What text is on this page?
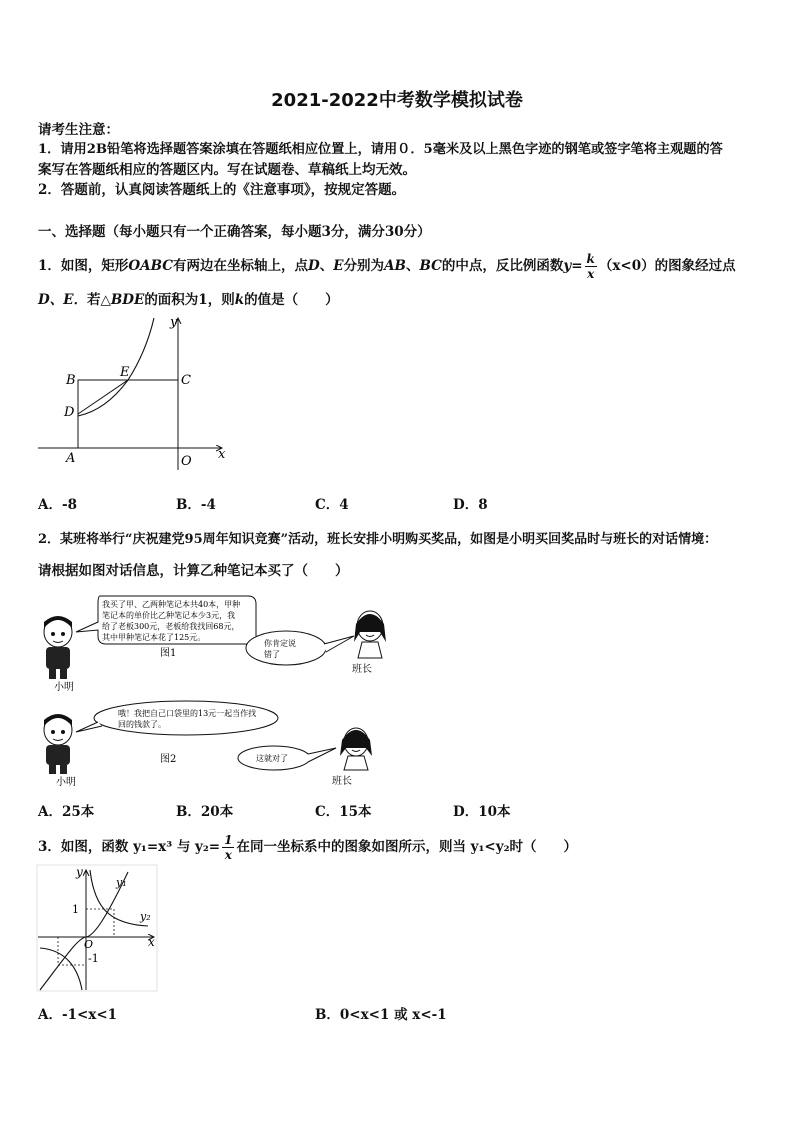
2021-2022中考数学模拟试卷
请考生注意：
1．请用2B铅笔将选择题答案涂填在答题纸相应位置上，请用０．5毫米及以上黑色字迹的钢笔或签字笔将主观题的答
案写在答题纸相应的答题区内。写在试题卷、草稿纸上均无效。
2．答题前，认真阅读答题纸上的《注意事项》，按规定答题。
一、选择题（每小题只有一个正确答案，每小题3分，满分30分）
1．如图，矩形OABC有两边在坐标轴上，点D、E分别为AB、BC的中点，反比例函数$y= \frac{k}{x} (x<0)$的图象经过点
D、E．若△BDE的面积为1，则k的值是（　　）
y
x
B
E
C
D
A	O
A．-8	B．-4	C．4	D．8
2．某班将举行“庆祝建党95周年知识竞赛”活动，班长安排小明购买奖品，如图是小明买回奖品时与班长的对话情境：
请根据如图对话信息，计算乙种笔记本买了（　　）
我买了甲、乙两种笔记本共40本，甲种
笔记本的单价比乙种笔记本少3元，我
给了老板300元，老板给我找回68元，
其中甲种笔记本花了125元。
你肯定说
错了
图1
班长
小明
哦！我把自己口袋里的13元一起当作找
回的钱款了。
这就对了
图2
班长
小明
A．25本	B．20本	C．15本	D．10本
3．如图，函数 y₁=x³ 与 $y_2= \frac{1}{x}$ 在同一坐标系中的图象如图所示，则当 y₁<y₂时（　　）
y
x
y₁
y₂
1
-1
O
A．-1<x<1	B．0<x<1 或 x<-1
